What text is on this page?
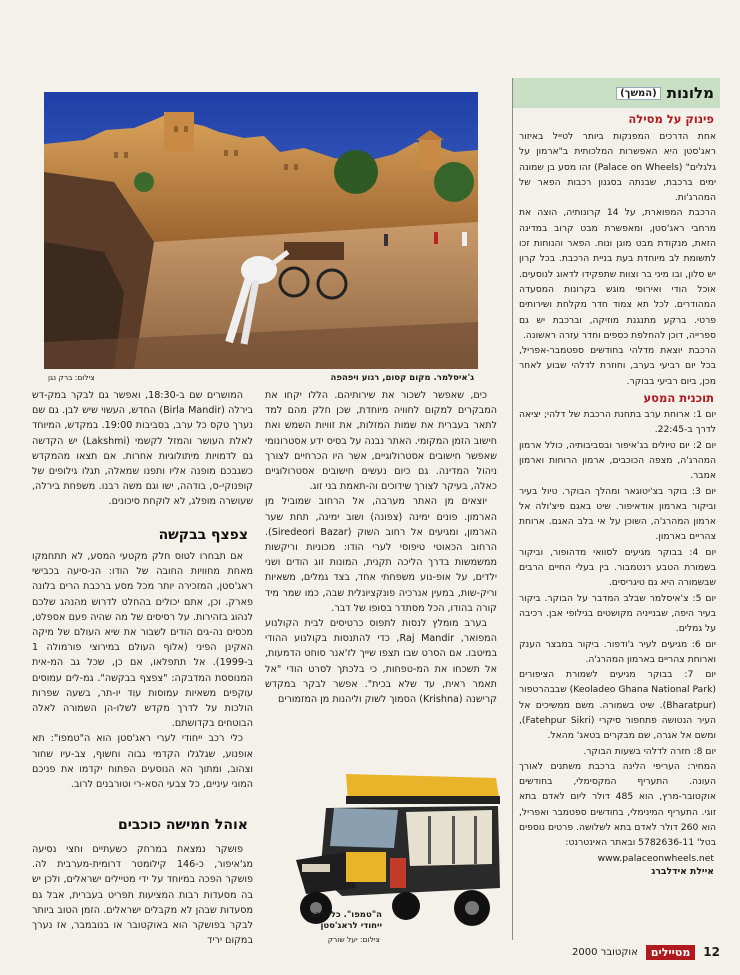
ג'איסלמר. מקום קסום, רגוע ויפהפה
צילום: ברק נגן
מלונות
(המשך)
פינוק על מסילה

אחת הדרכים המפנקות ביותר לטייל באיזור ראג'סטן היא האפשרות המלכותית ב"ארמון על גלגלים" (Palace on Wheels) זהו מסע בן שמונה ימים ברכבת, שבנתה בסגנון רכבות הפאר של המהרג'ות.

הרכבת המפוארת, על 14 קרונותיה, הוצה את מרחבי ראג'סטן, ומאפשרת מבט קרוב במדינה הזאת, מנקודת מבט מוגן ונוח. הפאר והנוחות זכו לתשומת לב מיוחדת בעת בניית הרכבת. בכל קרון יש סלון, ובו מיני בר וצוות שתפקידו לדאוג לנוסעים. אוכל הודי ואירופי מוגש בקרונות המסעדה המהודרים. לכל תא צמוד חדר מקלחת ושירותים פרטי. ברקע מתנגנת מוזיקה, וברכבת יש גם ספרייה, דוכן להחלפת כספים וחדר עזרה ראשונה.

הרכבת יוצאת מדלהי בחודשים ספטמבר-אפריל, בכל יום רביעי בערב, וחוזרת לדלהי שבוע לאחר מכן, ביום רביעי בבוקר.

תוכנית המסע

יום 1: ארוחת ערב בתחנת הרכבת של דלהי; יציאה לדרך ב-22:45.

יום 2: יום טיולים בג'איפור ובסביבותיה, כולל ארמון המהרג'ה, מצפה הכוכבים, ארמון הרוחות וארמון אמבר.

יום 3: בוקר בצ'יטוגאר ומהלך הבוקר. טיול בעיר וביקור בארמון אודאיפור. שיט באגם פיצ'ולה אל ארמון המהרג'ה, השוכן על אי בלב האגם. ארוחת צהריים בארמון.

יום 4: בבוקר מגיעים לסוואי מדהופור, וביקור בשמורת הטבע רנטמבור. בין בעלי החיים הרבים שבשמורה היא גם טיגריסים.

יום 5: צ'איסלמר שבלב המדבר על הבוקר. ביקור בעיר היפה, שבנייניה מקושטים בגילופי אבן. רכיבה על גמלים.

יום 6: מגיעים לעיר ג'ודפור. ביקור במבצר הענק וארוחת צהריים בארמון המהרג'ה.

יום 7: בבוקר מגיעים לשמורת הציפורים (Keoladeo Ghana National Park) שבבהרטפור (Bharatpur). שיט בשמורה. משם ממשיכים אל העיר הנטושה פתחפור סיקרי (Fatehpur Sikri), ומשם אל אגרה, שם מבקרים בטאג' מהאל.

יום 8: חזרה לדלהי בשעות הבוקר.

המחיר: העריפי הלינה ברכבת משתנים לאורך העונה. התעריף המקסימלי, בחודשים אוקטובר-מרץ, הוא 485 דולר ליום לאדם בתא זוגי. התעריף המינימלי, בחודשים ספטמבר ואפריל, הוא 260 דולר לאדם בתא לשלושה. פרטים נוספים בטל' 5782636-11 ובאתר האינטרנט:

www.palaceonwheels.net
איילת אידלברג

כים, שאפשר לשכור את שירותיהם. הללו יקחו את המבקרים למקום לחוויה מיוחדת, שכן חלק מהם למד לתאר בעברית את שמות המזלות, את זוויות השמש ואת חישוב הזמן המקומי. האתר נבנה על בסיס ידע אסטרונומי שאפשר חישובים אסטרולוגיים, אשר היו הכרחיים לצורך ניהול המדינה. גם כיום נעשים חישובים אסטרולוגיים כאלה, בעיקר לצורך שידוכים וה-תאמת בני זוג.

יוצאים מן האתר מערבה, אל הרחוב שמוביל מן הארמון. פונים ימינה (צפונה) ושוב ימינה, תחת שער הארמון, ומגיעים אל רחוב השוק (Siredeori Bazar). הרחוב הכאוטי טיפוסי לערי הודו: מכוניות וריקשות ממשמשות בדרך הליכה תקנית, המונות זוג הודים ושני ילדים, על אופ-נוע משפחתי אחד, בצד גמלים, משאיות וריק-שות, במעין אנרכיה פונקציונלית שבה, כמו שמר מיד קורה בהודו, הכל מסתדר בסופו של דבר.

בערב מומלץ לנסות לתפוס כרטיסים לבית הקולנוע המפואר, Raj Mandir, כדי להתנסות בקולנוע ההודי במיטבו. אם הסרט שבו תצפו שייך לז'אנר סוחט הדמעות, אל תשכחו את המ-טפחות, כי בלכתך לסרט הודי "אל תאמר ראית, עד שלא בכית". אפשר לבקר במקדש קרישנה (Krishna) הסמוך לשוק וליהנות מן המזמורים

המושרים שם ב-18:30, ואפשר גם לבקר במק-דש בירלה (Birla Mandir) החדש, העשוי שיש לבן. גם שם נערך טקס כל ערב, בסביבות 19:00. במקדש, המיוחד לאלת העושר והמזל לקשמי (Lakshmi) יש הקדשה גם לדמויות מיתולוגיות אחרות. אם תצאו מהמקדש כשגבכם מופנה אליו ותפנו שמאלה, תגלו גילופים של קופנוקי-ס, בודהה, ישו וגם משה רבנו. משפחת בירלה, שעושרה מופלג, לא לוקחת סיכונים.

צפצף בבקשה

אם תבחרו לטוס חלק מקטעי המסע, לא תתחמקו מאחת מחוויות החובה של הודו: הנ-סיעה בכבישי ראג'סטן, המזכירה יותר מכל מסע ברכבת הרים בלונה פארק. וכן, אתם יכולים בהחלט לדרוש מהנהג שלכם לנהוג בזהירות. על רסיסים של מה שהיה פעם אספלט, מכסים נה-גים הודים לשבור את שיא העולם של מיקה האקינן הפיני (אלוף העולם במירוצי פורמולה 1 ב-1999). אל תתפלאו, אם כן, שכל גב המ-אית המנוססת המדבקה: "צפצף בבקשה". גמ-לים עמוסים עוקפים משאיות עמוסות עוד יו-תר, בשעה שפרות הולכות על לדרך מקדש לשלו-הן השמורה לאלה הבוטחים בקדושתם.

כלי רכב ייחודי לערי ראג'סטן הוא ה"טמפו": תא אופנוע, שגלגלו הקדמי גבוה וחשוף, צב-עיו שחור וצהוב, ומתוך הא הנוסעים הפתוח יקדמו את פניכם המוני עיניים, כל צבעי הסא-רי וטורבנים לרוב.

אוהל חמישה כוכבים

פושקר נמצאת במרחק כשעתיים וחצי נסיעה מג'איפור, כ-146 קילומטר דרומית-מערבית לה. פושקר הפכה במיוחד על ידי מטיילים ישראלים, ולכן יש בה מסעדות רבות המציעות תפריט בעברית, אבל גם מסעדות שבהן לא מקבלים ישראלים. הזמן הטוב ביותר לבקר בפושקר הוא באוקטובר או בנובמבר, אז נערך במקום יריד

ה"טמפו". כלי רכב ייחודי לראג'סטן
צילום: יעל שורק
12
מטיילים
אוקטובר 2000
